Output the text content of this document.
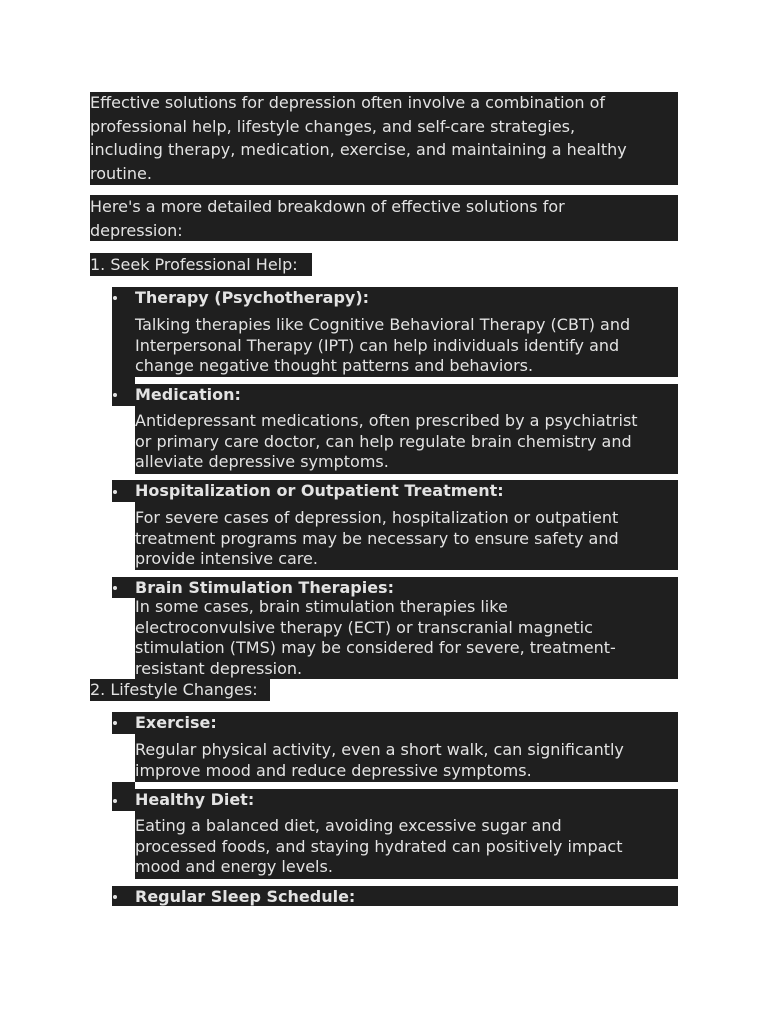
Effective solutions for depression often involve a combination of
professional help, lifestyle changes, and self-care strategies,
including therapy, medication, exercise, and maintaining a healthy
routine.
Here's a more detailed breakdown of effective solutions for
depression:
1. Seek Professional Help:
Therapy (Psychotherapy):
Talking therapies like Cognitive Behavioral Therapy (CBT) and
Interpersonal Therapy (IPT) can help individuals identify and
change negative thought patterns and behaviors.
Medication:
Antidepressant medications, often prescribed by a psychiatrist
or primary care doctor, can help regulate brain chemistry and
alleviate depressive symptoms.
Hospitalization or Outpatient Treatment:
For severe cases of depression, hospitalization or outpatient
treatment programs may be necessary to ensure safety and
provide intensive care.
Brain Stimulation Therapies:
In some cases, brain stimulation therapies like
electroconvulsive therapy (ECT) or transcranial magnetic
stimulation (TMS) may be considered for severe, treatment-
resistant depression.
2. Lifestyle Changes:
Exercise:
Regular physical activity, even a short walk, can significantly
improve mood and reduce depressive symptoms.
Healthy Diet:
Eating a balanced diet, avoiding excessive sugar and
processed foods, and staying hydrated can positively impact
mood and energy levels.
Regular Sleep Schedule:
